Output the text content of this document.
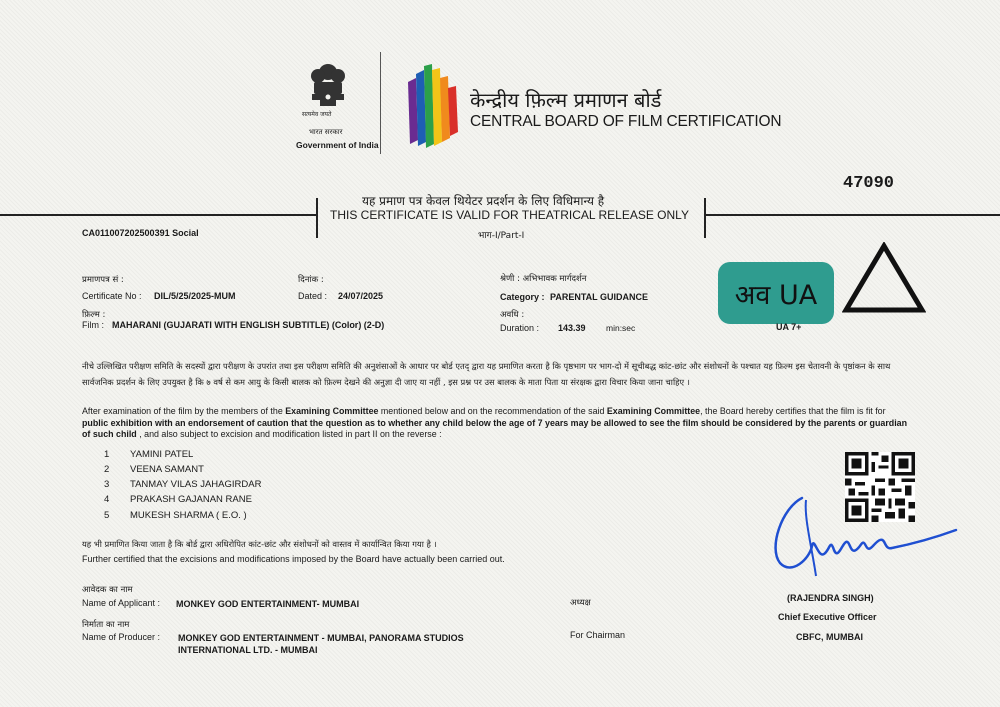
सत्यमेव जयते
भारत सरकार
Government of India
केन्द्रीय फ़िल्म प्रमाणन बोर्ड
CENTRAL BOARD OF FILM CERTIFICATION
47090
यह प्रमाण पत्र केवल थियेटर प्रदर्शन के लिए विधिमान्य है
THIS CERTIFICATE IS VALID FOR THEATRICAL RELEASE ONLY
भाग-I/Part-I
CA011007202500391 Social
प्रमाणपत्र सं :
Certificate No : DIL/5/25/2025-MUM
दिनांक :
Dated : 24/07/2025
श्रेणी : अभिभावक मार्गदर्शन
Category : PARENTAL GUIDANCE
फ़िल्म :
Film : MAHARANI (GUJARATI WITH ENGLISH SUBTITLE) (Color) (2-D)
अवधि :
Duration : 143.39 min:sec
अव UA
UA 7+
नीचे उल्लिखित परीक्षण समिति के सदस्यों द्वारा परीक्षण के उपरांत तथा इस परीक्षण समिति की अनुशंसाओं के आधार पर बोर्ड एतद् द्वारा यह प्रमाणित करता है कि पृष्ठभाग पर भाग-दो में सूचीबद्ध कांट-छांट और संशोधनों के पश्चात यह फ़िल्म इस चेतावनी के पृष्ठांकन के साथ सार्वजनिक प्रदर्शन के लिए उपयुक्त है कि ७ वर्ष से कम आयु के किसी बालक को फ़िल्म देखने की अनुज्ञा दी जाए या नहीं , इस प्रश्न पर उस बालक के माता पिता या संरक्षक द्वारा विचार किया जाना चाहिए ।
After examination of the film by the members of the Examining Committee mentioned below and on the recommendation of the said Examining Committee, the Board hereby certifies that the film is fit for public exhibition with an endorsement of caution that the question as to whether any child below the age of 7 years may be allowed to see the film should be considered by the parents or guardian of such child , and also subject to excision and modification listed in part II on the reverse :
1 YAMINI PATEL
2 VEENA SAMANT
3 TANMAY VILAS JAHAGIRDAR
4 PRAKASH GAJANAN RANE
5 MUKESH SHARMA ( E.O. )
यह भी प्रमाणित किया जाता है कि बोर्ड द्वारा अधिरोपित कांट-छांट और संशोधनों को वास्तव में कार्यान्वित किया गया है ।
Further certified that the excisions and modifications imposed by the Board have actually been carried out.
आवेदक का नाम
Name of Applicant : MONKEY GOD ENTERTAINMENT- MUMBAI	अध्यक्ष	(RAJENDRA SINGH)
Chief Executive Officer
CBFC, MUMBAI
निर्माता का नाम
Name of Producer : MONKEY GOD ENTERTAINMENT - MUMBAI, PANORAMA STUDIOS
INTERNATIONAL LTD. - MUMBAI
For Chairman
